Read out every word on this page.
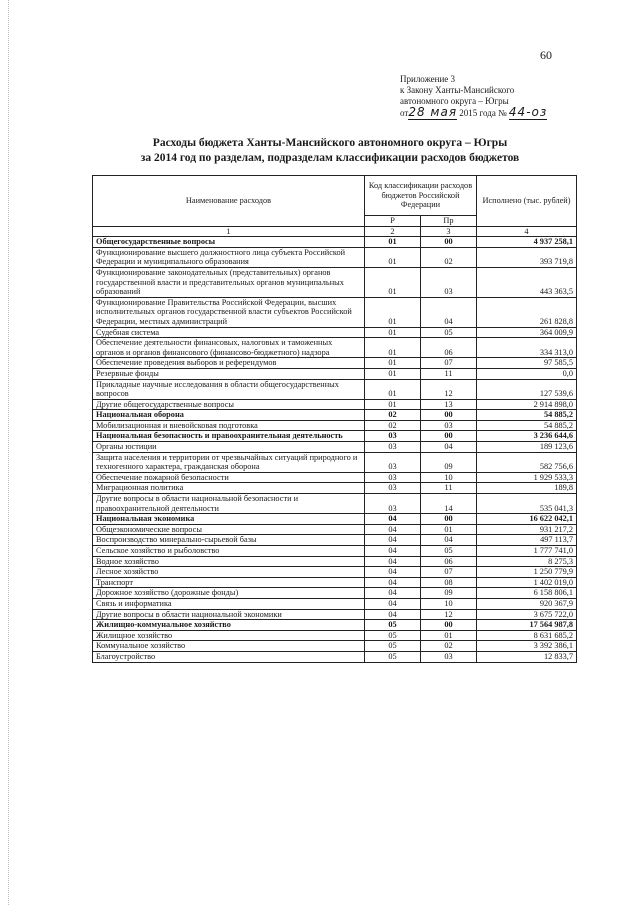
60
Приложение 3
к Закону Ханты-Мансийского
автономного округа – Югры
от28 мая 2015 года № 44-оз
Расходы бюджета Ханты-Мансийского автономного округа – Югры
за 2014 год по разделам, подразделам классификации расходов бюджетов
Наименование расходов	Код классификации расходов бюджетов Российской Федерации		Исполнено (тыс. рублей)
	Р	Пр	
1	2	3	4
Общегосударственные вопросы	01	00	4 937 258,1
Функционирование высшего должностного лица субъекта Российской Федерации и муниципального образования	01	02	393 719,8
Функционирование законодательных (представительных) органов государственной власти и представительных органов муниципальных образований	01	03	443 363,5
Функционирование Правительства Российской Федерации, высших исполнительных органов государственной власти субъектов Российской Федерации, местных администраций	01	04	261 828,8
Судебная система	01	05	364 009,9
Обеспечение деятельности финансовых, налоговых и таможенных органов и органов финансового (финансово-бюджетного) надзора	01	06	334 313,0
Обеспечение проведения выборов и референдумов	01	07	97 585,5
Резервные фонды	01	11	0,0
Прикладные научные исследования в области общегосударственных вопросов	01	12	127 539,6
Другие общегосударственные вопросы	01	13	2 914 898,0
Национальная оборона	02	00	54 885,2
Мобилизационная и вневойсковая подготовка	02	03	54 885,2
Национальная безопасность и правоохранительная деятельность	03	00	3 236 644,6
Органы юстиции	03	04	189 123,6
Защита населения и территории от чрезвычайных ситуаций природного и техногенного характера, гражданская оборона	03	09	582 756,6
Обеспечение пожарной безопасности	03	10	1 929 533,3
Миграционная политика	03	11	189,8
Другие вопросы в области национальной безопасности и правоохранительной деятельности	03	14	535 041,3
Национальная экономика	04	00	16 622 042,1
Общеэкономические вопросы	04	01	931 217,2
Воспроизводство минерально-сырьевой базы	04	04	497 113,7
Сельское хозяйство и рыболовство	04	05	1 777 741,0
Водное хозяйство	04	06	8 275,3
Лесное хозяйство	04	07	1 250 779,9
Транспорт	04	08	1 402 019,0
Дорожное хозяйство (дорожные фонды)	04	09	6 158 806,1
Связь и информатика	04	10	920 367,9
Другие вопросы в области национальной экономики	04	12	3 675 722,0
Жилищно-коммунальное хозяйство	05	00	17 564 987,8
Жилищное хозяйство	05	01	8 631 685,2
Коммунальное хозяйство	05	02	3 392 386,1
Благоустройство	05	03	12 833,7
